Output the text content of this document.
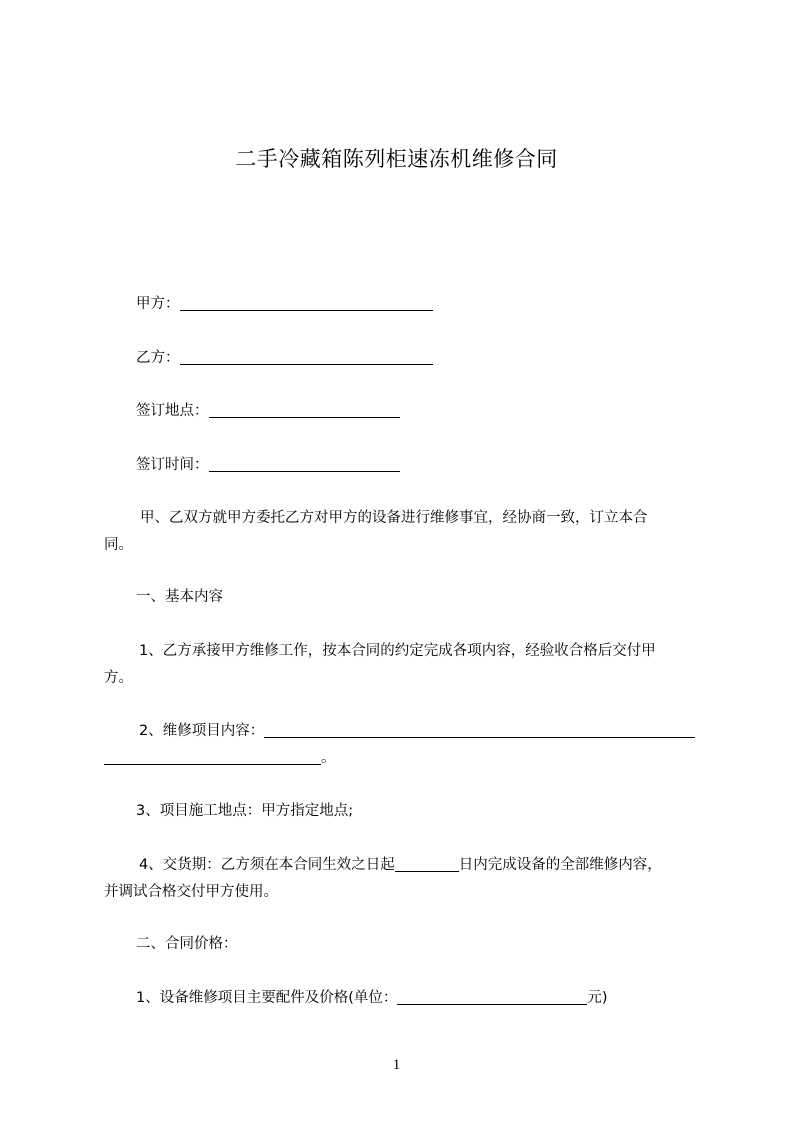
二手冷藏箱陈列柜速冻机维修合同
甲方：
乙方：
签订地点：
签订时间：
甲、乙双方就甲方委托乙方对甲方的设备进行维修事宜，经协商一致，订立本合
同。
一、基本内容
1、乙方承接甲方维修工作，按本合同的约定完成各项内容，经验收合格后交付甲
方。
2、维修项目内容：
。
3、项目施工地点：甲方指定地点;
4、交货期：乙方须在本合同生效之日起	日内完成设备的全部维修内容，
并调试合格交付甲方使用。
二、合同价格：
1、设备维修项目主要配件及价格(单位：	元)
1
